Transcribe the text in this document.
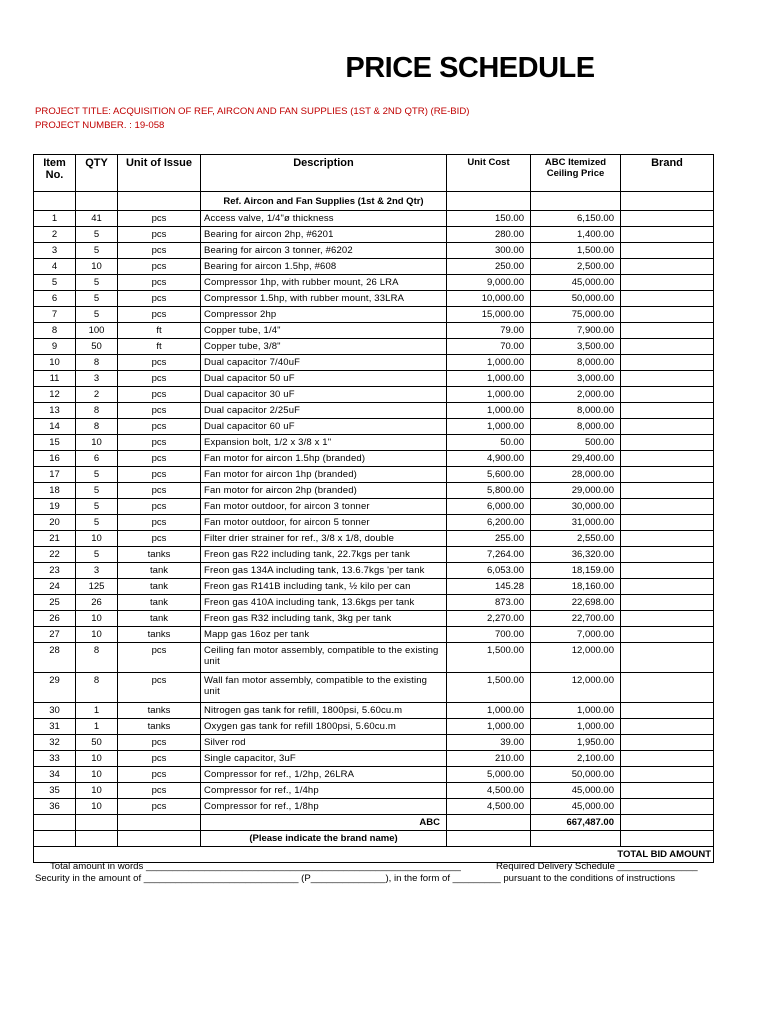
PRICE SCHEDULE
PROJECT TITLE: ACQUISITION OF REF, AIRCON AND FAN SUPPLIES (1ST & 2ND QTR) (RE-BID)
PROJECT NUMBER. : 19-058
Item No.	QTY	Unit of Issue	Description	Unit Cost	ABC Itemized Ceiling Price	Brand
			Ref. Aircon and Fan Supplies (1st & 2nd Qtr)			
1	41	pcs	Access valve, 1/4"ø thickness	150.00	6,150.00	
2	5	pcs	Bearing for aircon 2hp, #6201	280.00	1,400.00	
3	5	pcs	Bearing for aircon 3 tonner, #6202	300.00	1,500.00	
4	10	pcs	Bearing for aircon 1.5hp, #608	250.00	2,500.00	
5	5	pcs	Compressor 1hp, with rubber mount, 26 LRA	9,000.00	45,000.00	
6	5	pcs	Compressor 1.5hp, with rubber mount, 33LRA	10,000.00	50,000.00	
7	5	pcs	Compressor 2hp	15,000.00	75,000.00	
8	100	ft	Copper tube, 1/4"	79.00	7,900.00	
9	50	ft	Copper tube, 3/8"	70.00	3,500.00	
10	8	pcs	Dual capacitor 7/40uF	1,000.00	8,000.00	
11	3	pcs	Dual capacitor 50 uF	1,000.00	3,000.00	
12	2	pcs	Dual capacitor 30 uF	1,000.00	2,000.00	
13	8	pcs	Dual capacitor 2/25uF	1,000.00	8,000.00	
14	8	pcs	Dual capacitor 60 uF	1,000.00	8,000.00	
15	10	pcs	Expansion bolt, 1/2 x 3/8 x 1"	50.00	500.00	
16	6	pcs	Fan motor for aircon 1.5hp (branded)	4,900.00	29,400.00	
17	5	pcs	Fan motor for aircon 1hp (branded)	5,600.00	28,000.00	
18	5	pcs	Fan motor for aircon 2hp (branded)	5,800.00	29,000.00	
19	5	pcs	Fan motor outdoor, for aircon 3 tonner	6,000.00	30,000.00	
20	5	pcs	Fan motor outdoor, for aircon 5 tonner	6,200.00	31,000.00	
21	10	pcs	Filter drier strainer for ref., 3/8 x 1/8, double	255.00	2,550.00	
22	5	tanks	Freon gas R22 including tank, 22.7kgs per tank	7,264.00	36,320.00	
23	3	tank	Freon gas 134A including tank, 13.6.7kgs 'per tank	6,053.00	18,159.00	
24	125	tank	Freon gas R141B including tank, ½ kilo per can	145.28	18,160.00	
25	26	tank	Freon gas 410A including tank, 13.6kgs per tank	873.00	22,698.00	
26	10	tank	Freon gas R32 including tank, 3kg per tank	2,270.00	22,700.00	
27	10	tanks	Mapp gas 16oz per tank	700.00	7,000.00	
28	8	pcs	Ceiling fan motor assembly, compatible to the existing unit	1,500.00	12,000.00	
29	8	pcs	Wall fan motor assembly, compatible to the existing unit	1,500.00	12,000.00	
30	1	tanks	Nitrogen gas tank for refill, 1800psi, 5.60cu.m	1,000.00	1,000.00	
31	1	tanks	Oxygen gas tank for refill 1800psi, 5.60cu.m	1,000.00	1,000.00	
32	50	pcs	Silver rod	39.00	1,950.00	
33	10	pcs	Single capacitor, 3uF	210.00	2,100.00	
34	10	pcs	Compressor for ref., 1/2hp, 26LRA	5,000.00	50,000.00	
35	10	pcs	Compressor for ref., 1/4hp	4,500.00	45,000.00	
36	10	pcs	Compressor for ref., 1/8hp	4,500.00	45,000.00	
			ABC		667,487.00	
			(Please indicate the brand name)			
					TOTAL BID AMOUNT	
Total amount in words ___________________________________________________________	Required Delivery Schedule _______________
Security in the amount of _____________________________ (P______________), in the form of _________ pursuant to the conditions of instructions
